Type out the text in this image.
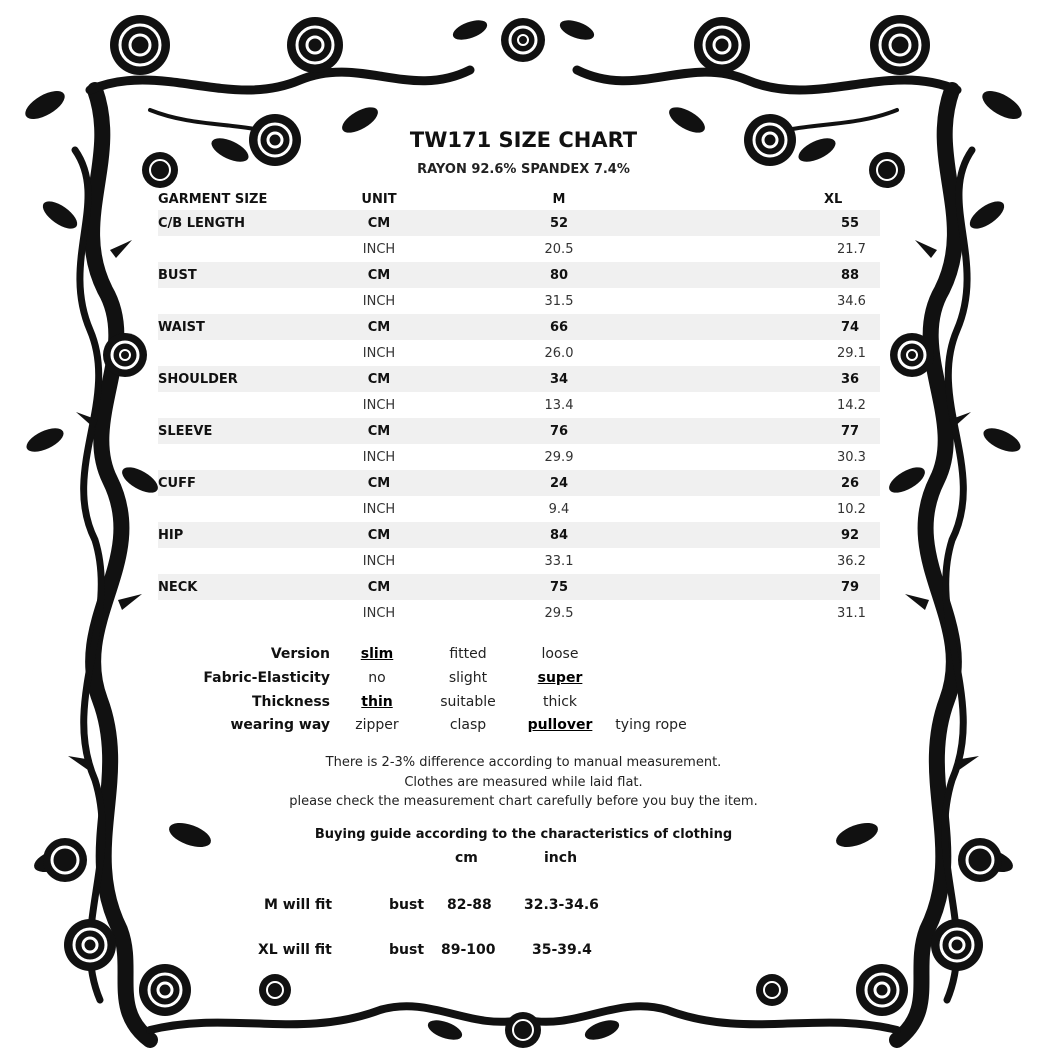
TW171 SIZE CHART
RAYON 92.6% SPANDEX 7.4%
GARMENT SIZE	UNIT	M	XL
C/B LENGTH	CM	52	55
	INCH	20.5	21.7
BUST	CM	80	88
	INCH	31.5	34.6
WAIST	CM	66	74
	INCH	26.0	29.1
SHOULDER	CM	34	36
	INCH	13.4	14.2
SLEEVE	CM	76	77
	INCH	29.9	30.3
CUFF	CM	24	26
	INCH	9.4	10.2
HIP	CM	84	92
	INCH	33.1	36.2
NECK	CM	75	79
	INCH	29.5	31.1
Version	slim	fitted	loose
Fabric-Elasticity	no	slight	super
Thickness	thin	suitable	thick
wearing way	zipper	clasp	pullover	tying rope
There is 2-3% difference according to manual measurement.
Clothes are measured while laid flat.
please check the measurement chart carefully before you buy the item.
Buying guide according to the characteristics of clothing
cm	inch
M will fit	bust 82-88 32.3-34.6
XL will fit	bust 89-100	35-39.4
